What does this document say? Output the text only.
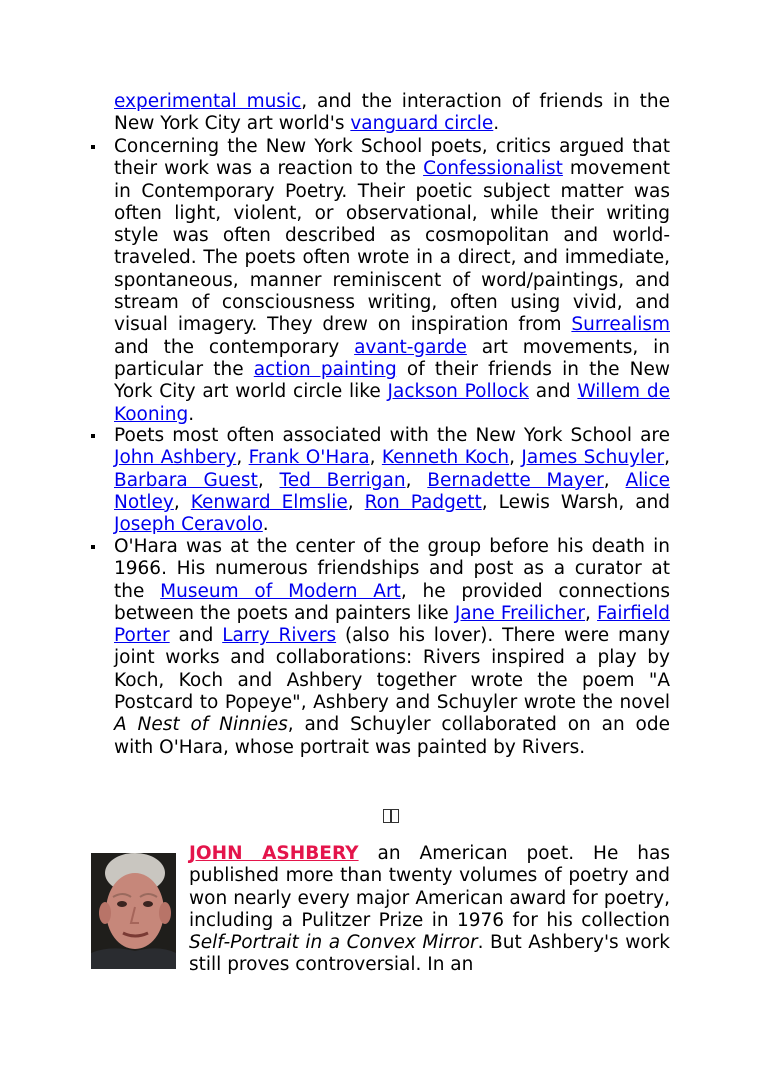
experimental music, and the interaction of friends in the New York City art world's vanguard circle.
Concerning the New York School poets, critics argued that their work was a reaction to the Confessionalist movement in Contemporary Poetry. Their poetic subject matter was often light, violent, or observational, while their writing style was often described as cosmopolitan and world-traveled. The poets often wrote in a direct, and immediate, spontaneous, manner reminiscent of word/paintings, and stream of consciousness writing, often using vivid, and visual imagery. They drew on inspiration from Surrealism and the contemporary avant-garde art movements, in particular the action painting of their friends in the New York City art world circle like Jackson Pollock and Willem de Kooning.
Poets most often associated with the New York School are John Ashbery, Frank O'Hara, Kenneth Koch, James Schuyler, Barbara Guest, Ted Berrigan, Bernadette Mayer, Alice Notley, Kenward Elmslie, Ron Padgett, Lewis Warsh, and Joseph Ceravolo.
O'Hara was at the center of the group before his death in 1966. His numerous friendships and post as a curator at the Museum of Modern Art, he provided connections between the poets and painters like Jane Freilicher, Fairfield Porter and Larry Rivers (also his lover). There were many joint works and collaborations: Rivers inspired a play by Koch, Koch and Ashbery together wrote the poem "A Postcard to Popeye", Ashbery and Schuyler wrote the novel A Nest of Ninnies, and Schuyler collaborated on an ode with O'Hara, whose portrait was painted by Rivers.
JOHN ASHBERY an American poet. He has published more than twenty volumes of poetry and won nearly every major American award for poetry, including a Pulitzer Prize in 1976 for his collection Self-Portrait in a Convex Mirror. But Ashbery's work still proves controversial. In an
